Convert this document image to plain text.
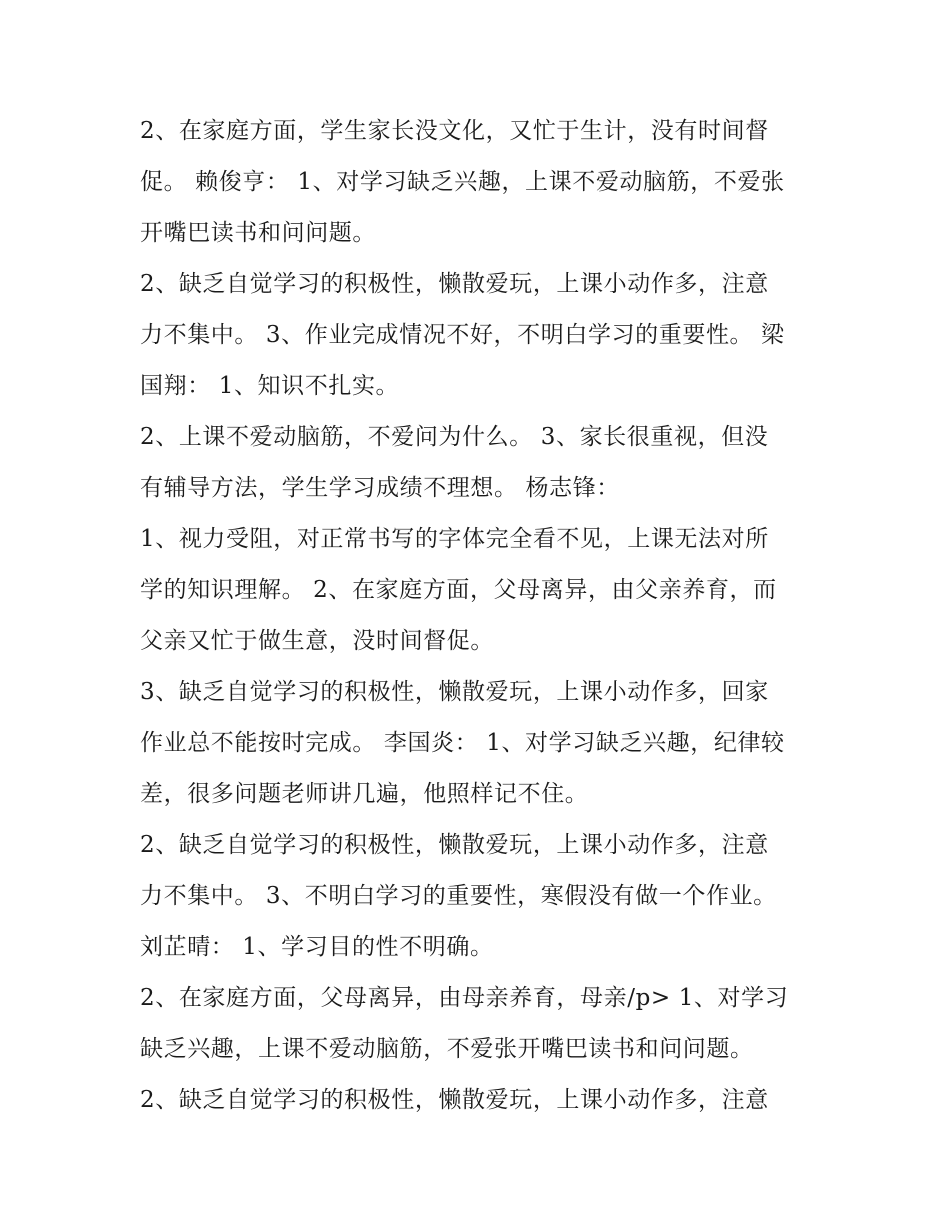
2、在家庭方面，学生家长没文化，又忙于生计，没有时间督
促。 赖俊亨： 1、对学习缺乏兴趣，上课不爱动脑筋，不爱张
开嘴巴读书和问问题。
2、缺乏自觉学习的积极性，懒散爱玩，上课小动作多，注意
力不集中。 3、作业完成情况不好，不明白学习的重要性。 梁
国翔： 1、知识不扎实。
2、上课不爱动脑筋，不爱问为什么。 3、家长很重视，但没
有辅导方法，学生学习成绩不理想。 杨志锋：
1、视力受阻，对正常书写的字体完全看不见，上课无法对所
学的知识理解。 2、在家庭方面，父母离异，由父亲养育，而
父亲又忙于做生意，没时间督促。
3、缺乏自觉学习的积极性，懒散爱玩，上课小动作多，回家
作业总不能按时完成。 李国炎： 1、对学习缺乏兴趣，纪律较
差，很多问题老师讲几遍，他照样记不住。
2、缺乏自觉学习的积极性，懒散爱玩，上课小动作多，注意
力不集中。 3、不明白学习的重要性，寒假没有做一个作业。
刘芷晴： 1、学习目的性不明确。
2、在家庭方面，父母离异，由母亲养育，母亲/p> 1、对学习
缺乏兴趣，上课不爱动脑筋，不爱张开嘴巴读书和问问题。
2、缺乏自觉学习的积极性，懒散爱玩，上课小动作多，注意
